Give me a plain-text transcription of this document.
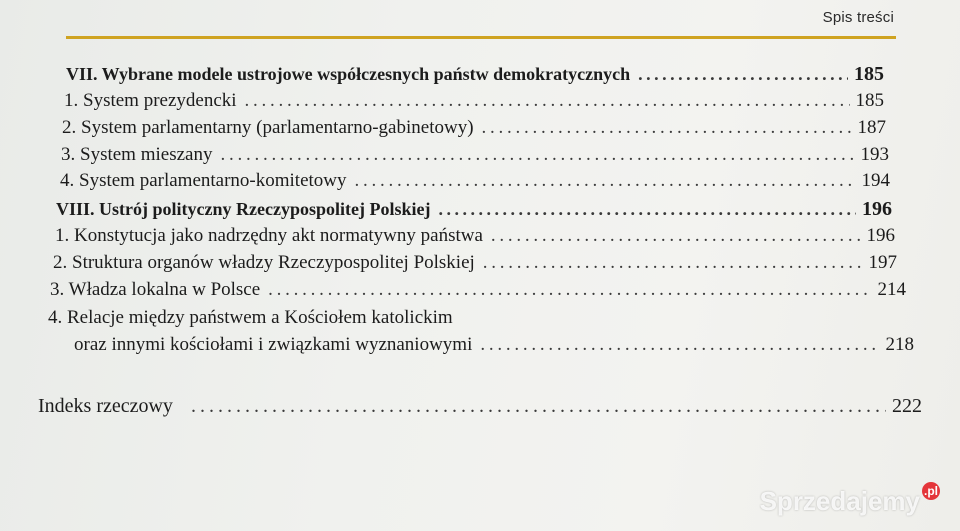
Spis treści
VII. Wybrane modele ustrojowe współczesnych państw demokratycznych . . .	185
1. System prezydencki . . .	185
2. System parlamentarny (parlamentarno-gabinetowy) . . .	187
3. System mieszany . . .	193
4. System parlamentarno-komitetowy . . .	194
VIII. Ustrój polityczny Rzeczypospolitej Polskiej . . .	196
1. Konstytucja jako nadrzędny akt normatywny państwa . . .	196
2. Struktura organów władzy Rzeczypospolitej Polskiej . . .	197
3. Władza lokalna w Polsce . . .	214
4. Relacje między państwem a Kościołem katolickim
oraz innymi kościołami i związkami wyznaniowymi . . .	218
Indeks rzeczowy . . .	222
Sprzedajemy .pl
